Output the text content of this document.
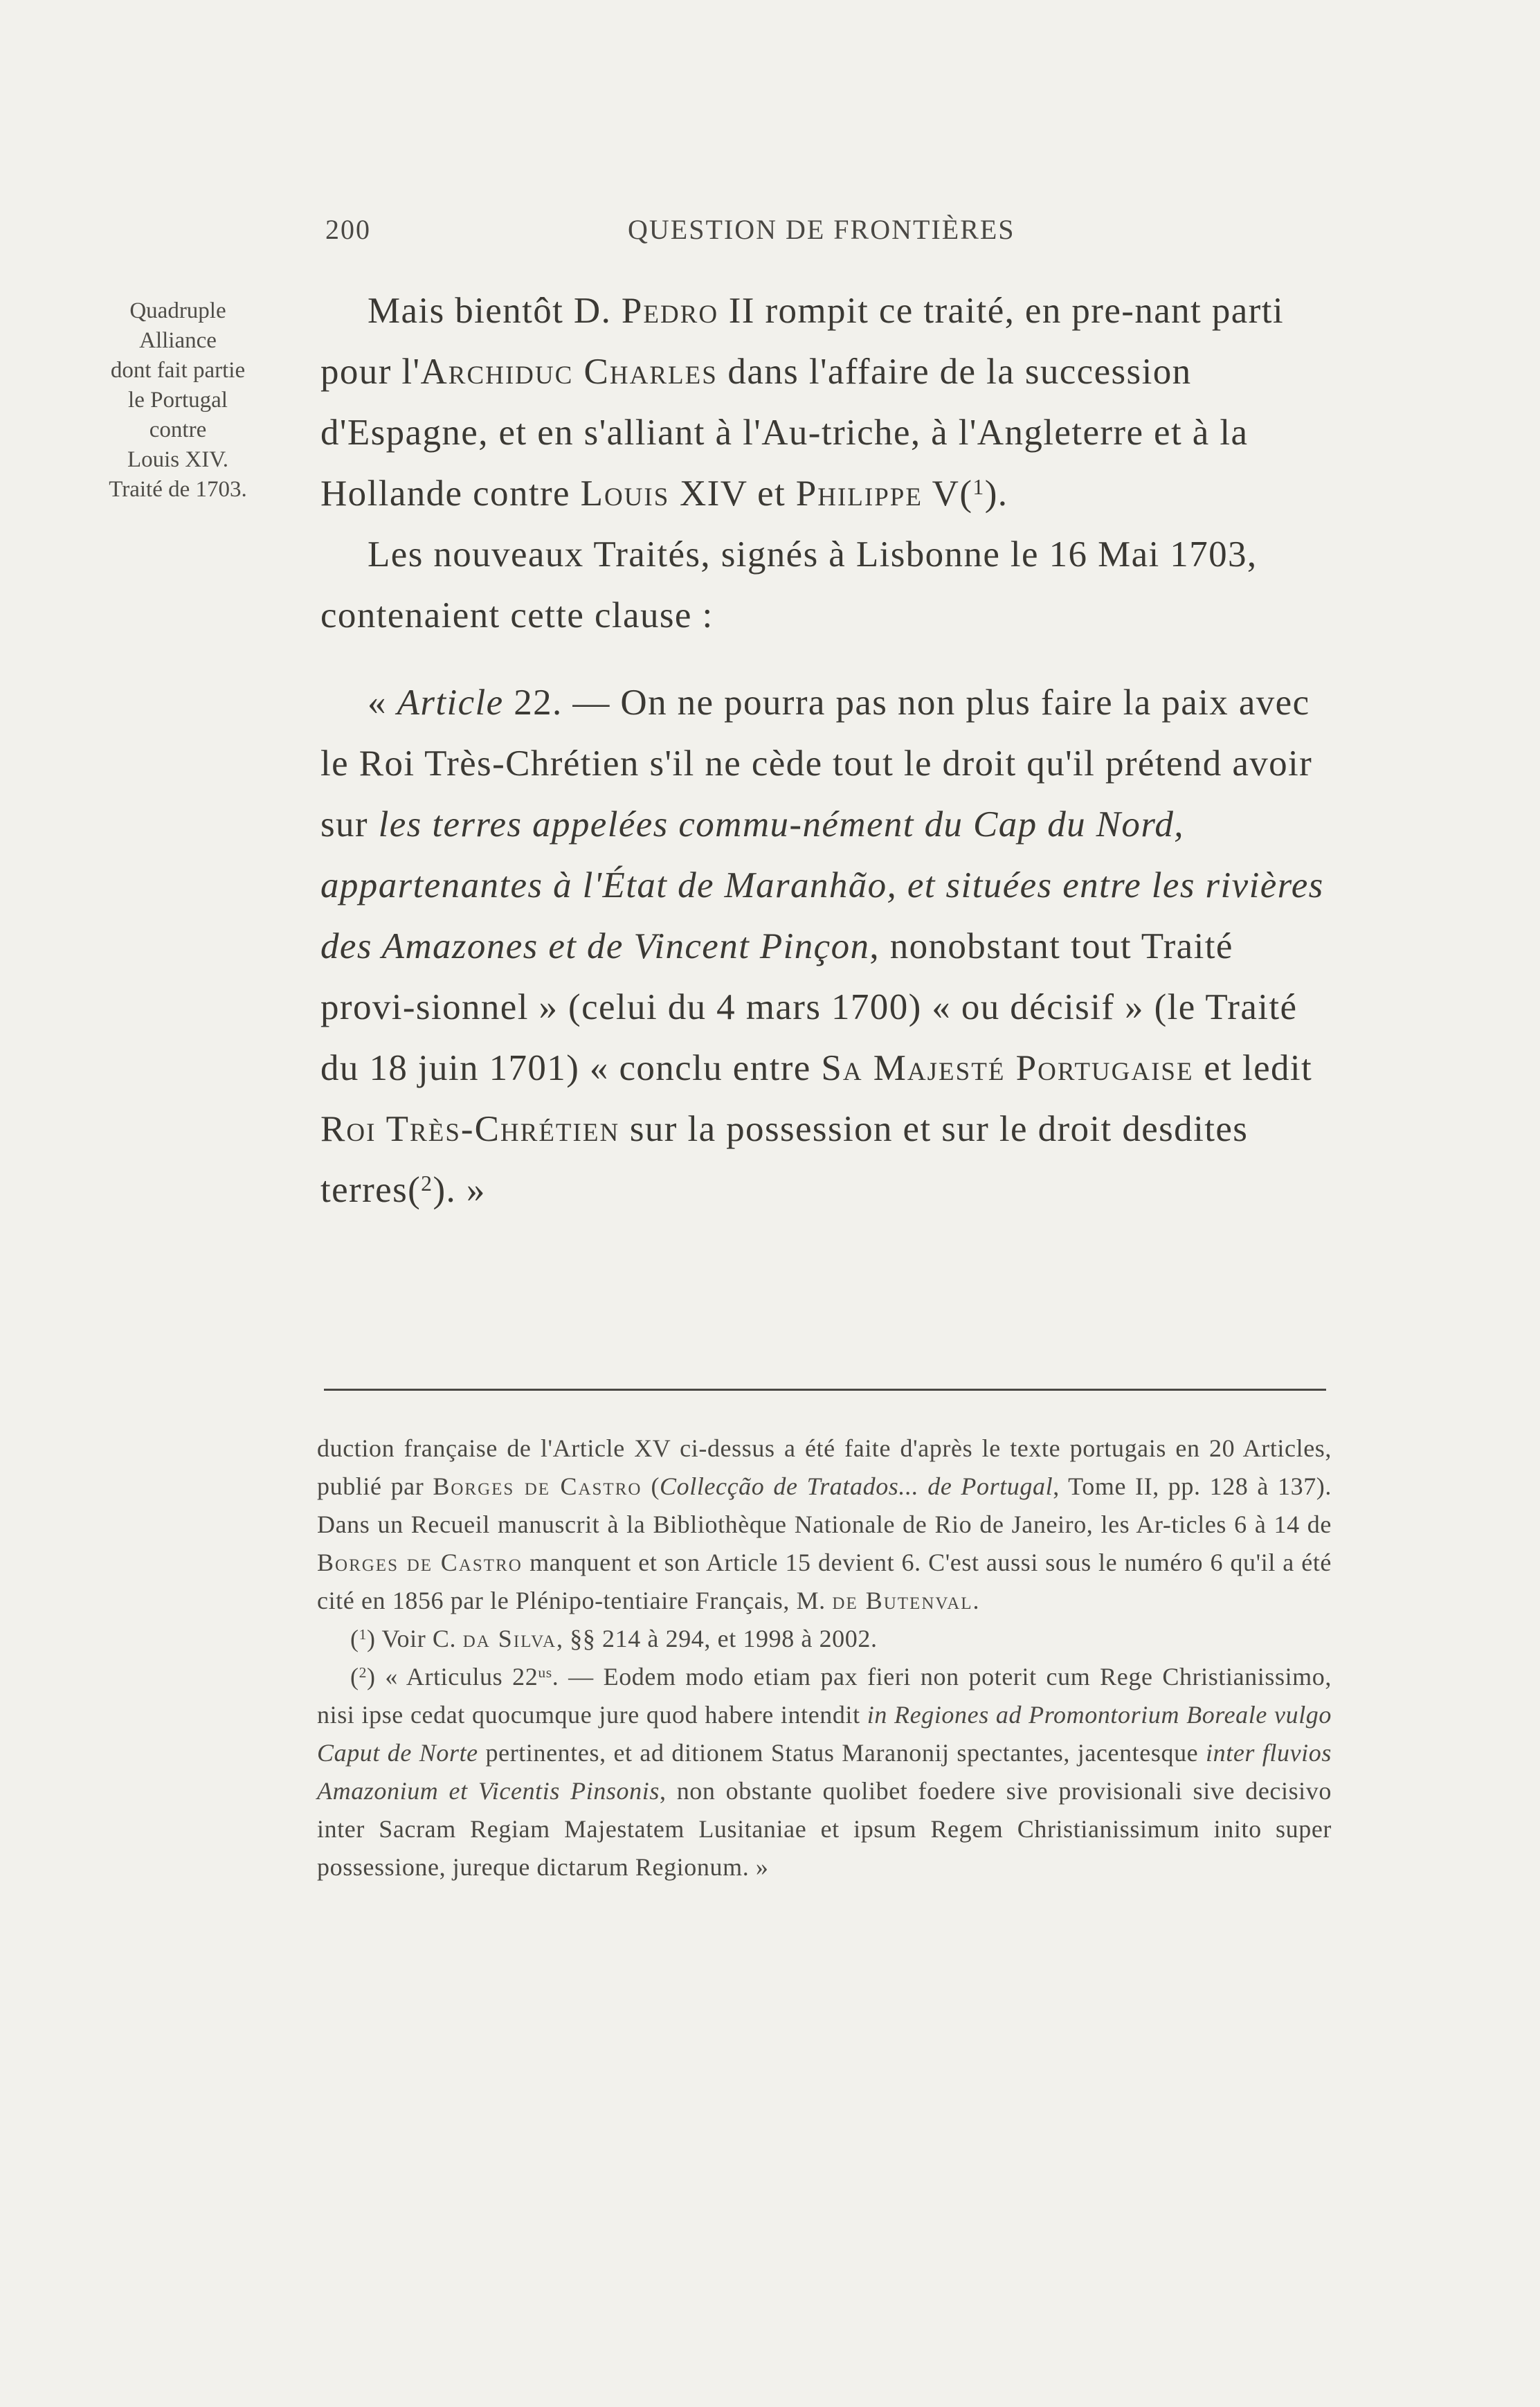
200	QUESTION DE FRONTIÈRES
Quadruple
Alliance
dont fait partie
le Portugal
contre
Louis XIV.
Traité de 1703.

Mais bientôt D. Pedro II rompit ce traité, en pre-nant parti pour l'Archiduc Charles dans l'affaire de la succession d'Espagne, et en s'alliant à l'Au-triche, à l'Angleterre et à la Hollande contre Louis XIV et Philippe V($^1$).

Les nouveaux Traités, signés à Lisbonne le 16 Mai 1703, contenaient cette clause :

« Article 22. — On ne pourra pas non plus faire la paix avec le Roi Très-Chrétien s'il ne cède tout le droit qu'il prétend avoir sur les terres appelées commu-nément du Cap du Nord, appartenantes à l'État de Maranhão, et situées entre les rivières des Amazones et de Vincent Pinçon, nonobstant tout Traité provi-sionnel » (celui du 4 mars 1700) « ou décisif » (le Traité du 18 juin 1701) « conclu entre Sa Majesté Portugaise et ledit Roi Très-Chrétien sur la possession et sur le droit desdites terres($^2$). »

duction française de l'Article XV ci-dessus a été faite d'après le texte portugais en 20 Articles, publié par Borges de Castro (Collecção de Tratados... de Portugal, Tome II, pp. 128 à 137). Dans un Recueil manuscrit à la Bibliothèque Nationale de Rio de Janeiro, les Ar-ticles 6 à 14 de Borges de Castro manquent et son Article 15 devient 6. C'est aussi sous le numéro 6 qu'il a été cité en 1856 par le Plénipo-tentiaire Français, M. de Butenval.

($^1$) Voir C. da Silva, §§ 214 à 294, et 1998 à 2002.

($^2$) « Articulus $22^{us}$. — Eodem modo etiam pax fieri non poterit cum Rege Christianissimo, nisi ipse cedat quocumque jure quod habere intendit in Regiones ad Promontorium Boreale vulgo Caput de Norte pertinentes, et ad ditionem Status Maranonij spectantes, jacentesque inter fluvios Amazonium et Vicentis Pinsonis, non obstante quolibet foedere sive provisionali sive decisivo inter Sacram Regiam Majestatem Lusitaniae et ipsum Regem Christianissimum inito super possessione, jureque dictarum Regionum. »
